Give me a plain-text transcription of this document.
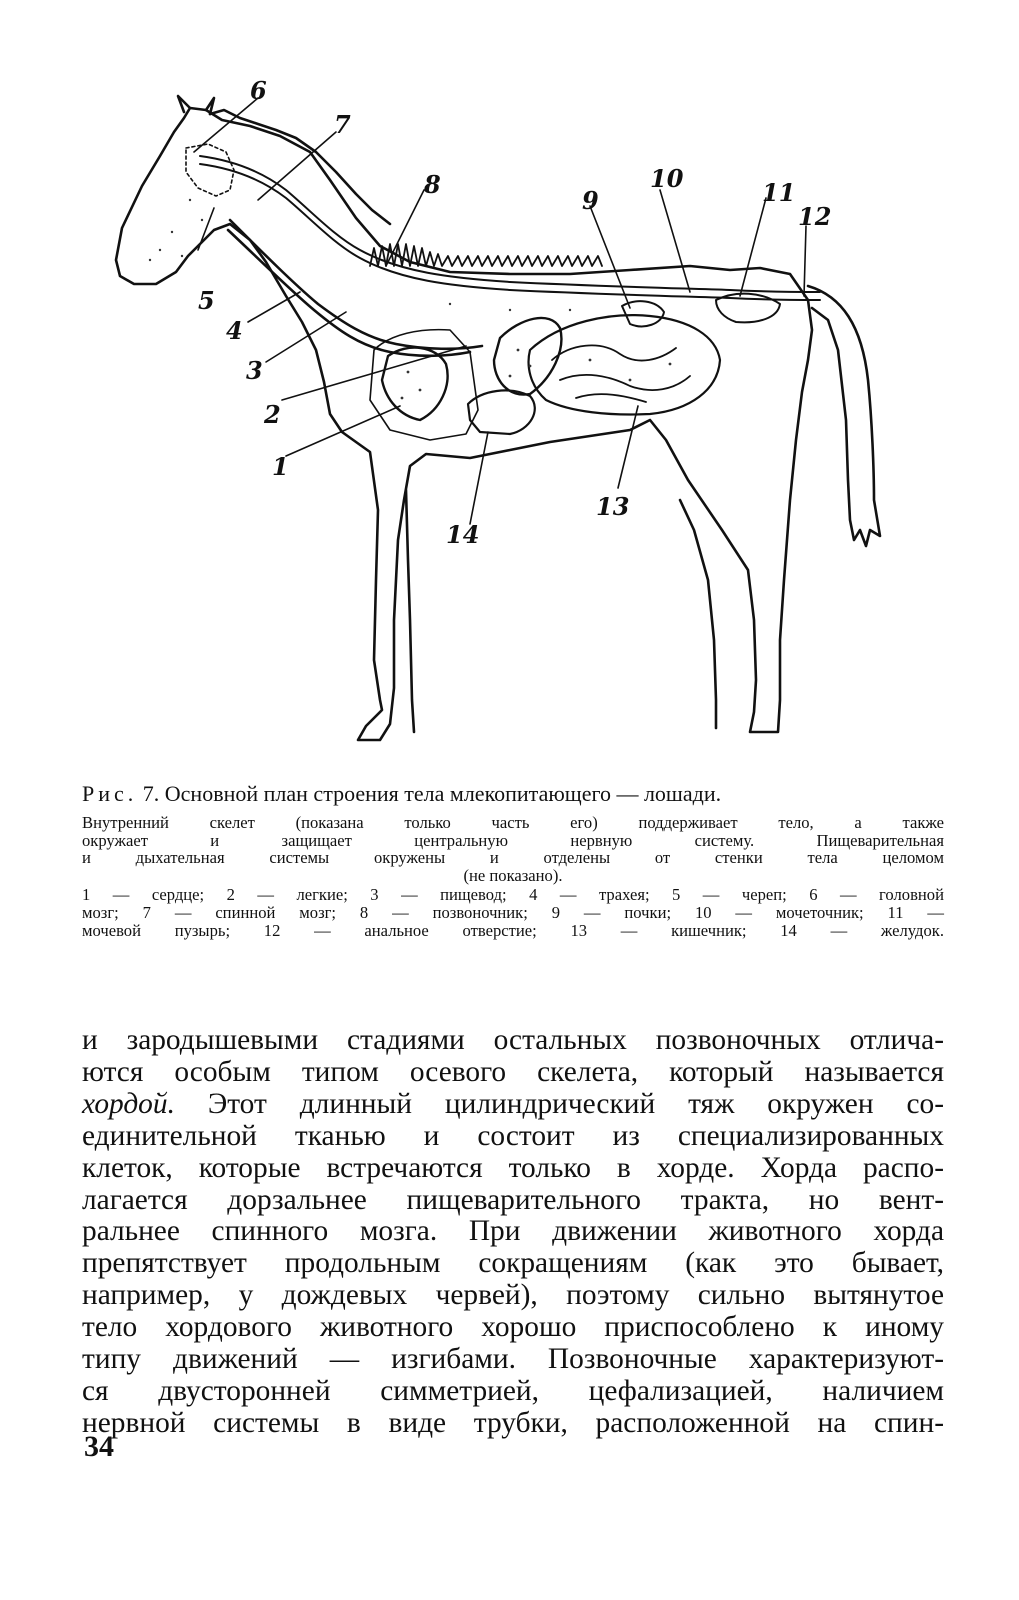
6
7
8
9
10	11
12
5
4
3
2
1
13
14

Рис. 7. Основной план строения тела млекопитающего — лошади.

Внутренний скелет (показана только часть его) поддерживает тело, а также

окружает и защищает центральную нервную систему. Пищеварительная

и дыхательная системы окружены и отделены от стенки тела целомом

(не показано).

1 — сердце; 2 — легкие; 3 — пищевод; 4 — трахея; 5 — череп; 6 — головной

мозг; 7 — спинной мозг; 8 — позвоночник; 9 — почки; 10 — мочеточник; 11 —

мочевой пузырь; 12 — анальное отверстие; 13 — кишечник; 14 — желудок.

и зародышевыми стадиями остальных позвоночных отлича-

ются особым типом осевого скелета, который называется

хордой. Этот длинный цилиндрический тяж окружен со-

единительной тканью и состоит из специализированных

клеток, которые встречаются только в хорде. Хорда распо-

лагается дорзальнее пищеварительного тракта, но вент-

ральнее спинного мозга. При движении животного хорда

препятствует продольным сокращениям (как это бывает,

например, у дождевых червей), поэтому сильно вытянутое

тело хордового животного хорошо приспособлено к иному

типу движений — изгибами. Позвоночные характеризуют-

ся двусторонней симметрией, цефализацией, наличием

нервной системы в виде трубки, расположенной на спин-

34
